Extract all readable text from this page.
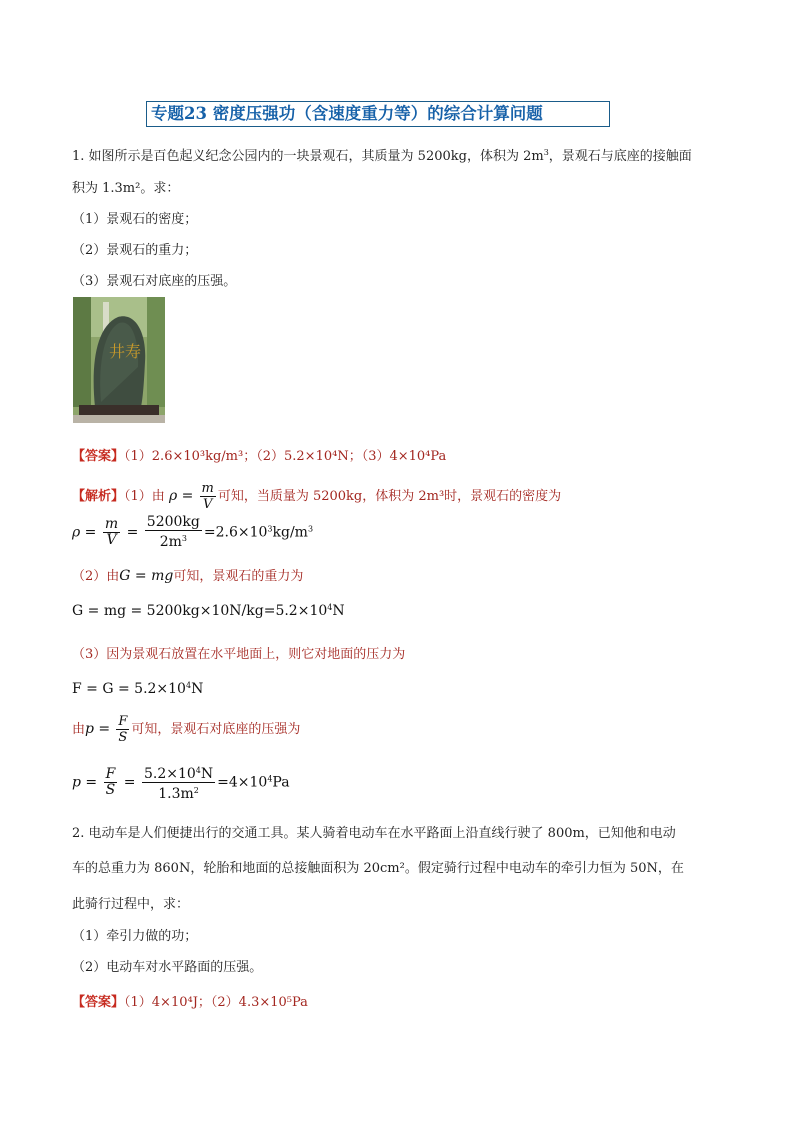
专题23 密度压强功（含速度重力等）的综合计算问题
1. 如图所示是百色起义纪念公园内的一块景观石，其质量为 5200kg，体积为 $2m^3$，景观石与底座的接触面
积为 1.3m²。求：
（1）景观石的密度；
（2）景观石的重力；
（3）景观石对底座的压强。
井寿
【答案】（1）2.6×10³kg/m³；（2）5.2×10⁴N；（3）4×10⁴Pa
【解析】（1）由 $\rho = \frac{m}{V}$ 可知，当质量为 5200kg，体积为 2m³时，景观石的密度为
$\rho = \frac{m}{V} = \frac{5200kg}{2m^3} =2.6\times 10^3kg/m^3$
（2）由G = mg可知，景观石的重力为
G = mg = $5200kg\times 10N/kg=5.2\times 10^4N$
（3）因为景观石放置在水平地面上，则它对地面的压力为
$F = G = 5.2\times 10^4N$
由$p = \frac{F}{S}$ 可知，景观石对底座的压强为
$p = \frac{F}{S} = \frac{5.2\times 10^4N}{1.3m^2} =4\times 10^4Pa$
2. 电动车是人们便捷出行的交通工具。某人骑着电动车在水平路面上沿直线行驶了 800m，已知他和电动
车的总重力为 860N，轮胎和地面的总接触面积为 20cm²。假定骑行过程中电动车的牵引力恒为 50N，在
此骑行过程中，求：
（1）牵引力做的功；
（2）电动车对水平路面的压强。
【答案】（1）4×10⁴J；（2）4.3×10⁵Pa
